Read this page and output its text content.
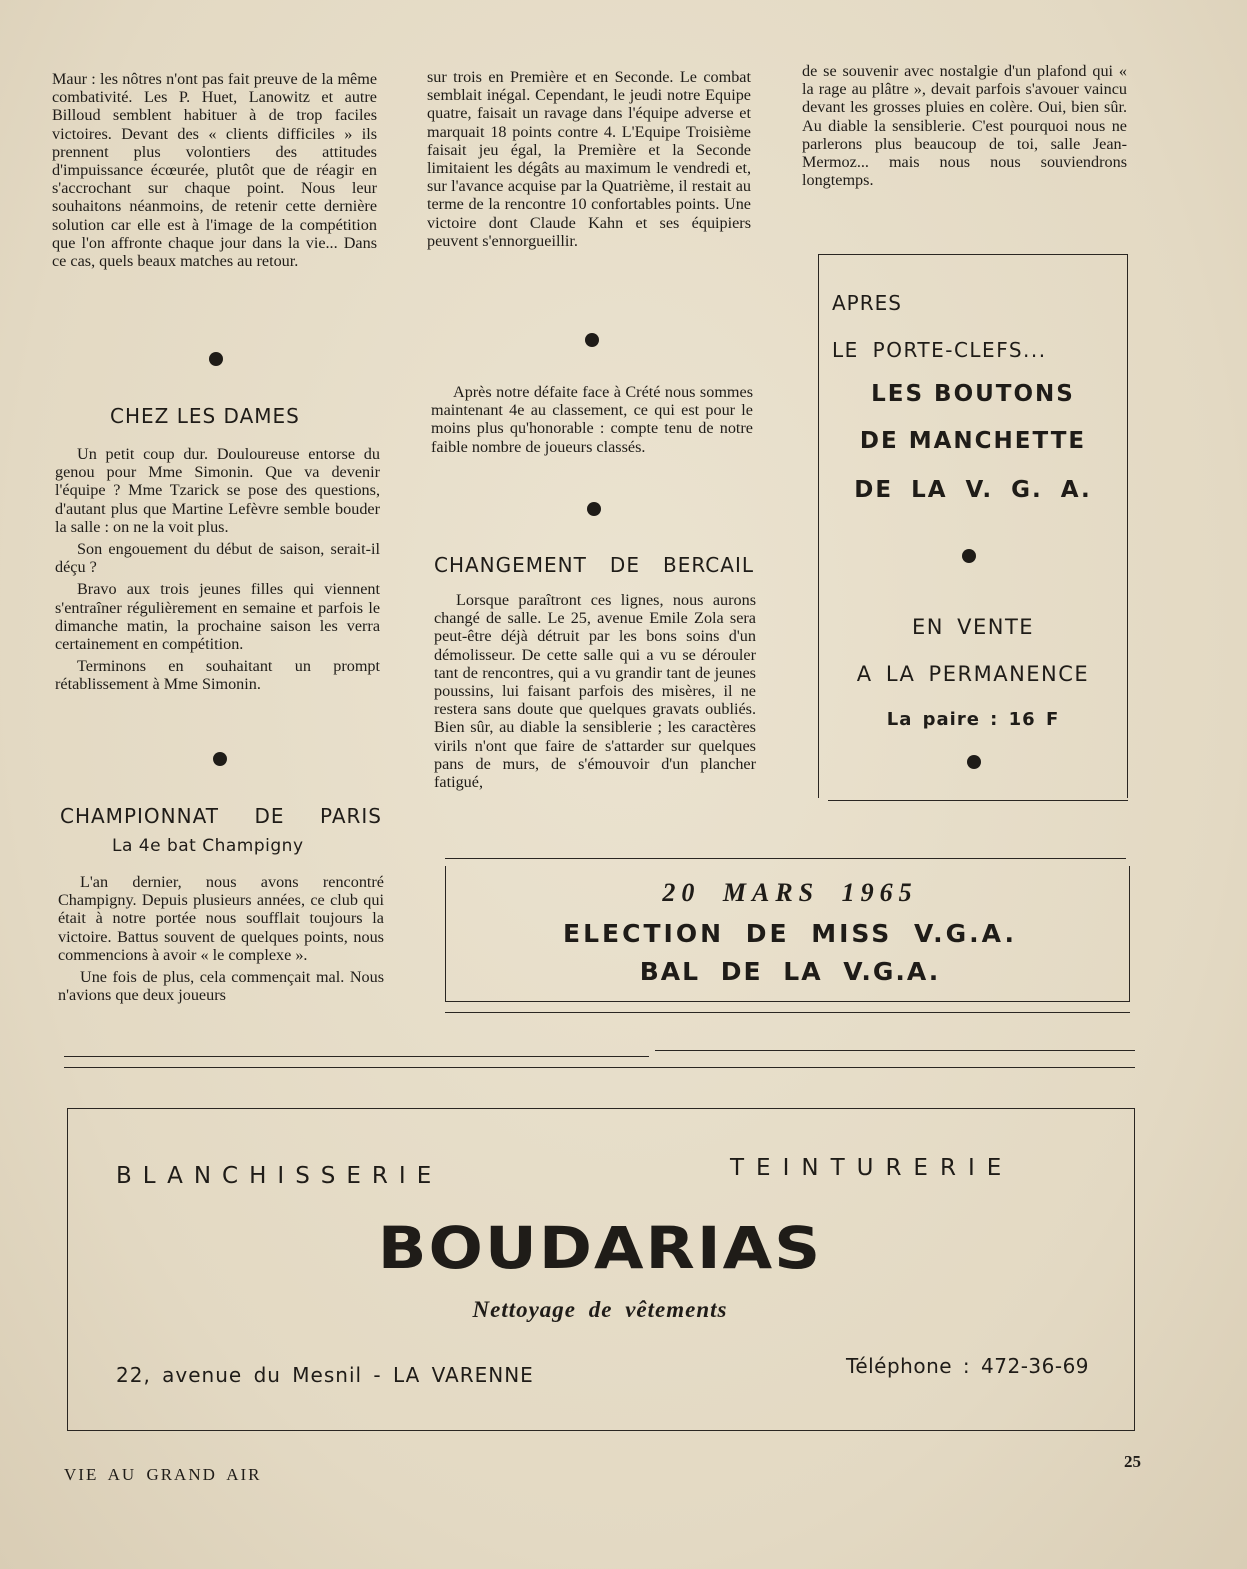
Maur : les nôtres n'ont pas fait preuve de la même combativité. Les P. Huet, Lanowitz et autre Billoud semblent habituer à de trop faciles victoires. Devant des « clients difficiles » ils prennent plus volontiers des attitudes d'impuissance écœurée, plutôt que de réagir en s'accrochant sur chaque point. Nous leur souhaitons néanmoins, de retenir cette dernière solution car elle est à l'image de la compétition que l'on affronte chaque jour dans la vie... Dans ce cas, quels beaux matches au retour.

CHEZ LES DAMES

Un petit coup dur. Douloureuse entorse du genou pour Mme Simonin. Que va devenir l'équipe ? Mme Tzarick se pose des questions, d'autant plus que Martine Lefèvre semble bouder la salle : on ne la voit plus.

Son engouement du début de saison, serait-il déçu ?

Bravo aux trois jeunes filles qui viennent s'entraîner régulièrement en semaine et parfois le dimanche matin, la prochaine saison les verra certainement en compétition.

Terminons en souhaitant un prompt rétablissement à Mme Simonin.

CHAMPIONNAT DE PARIS
La 4e bat Champigny

L'an dernier, nous avons rencontré Champigny. Depuis plusieurs années, ce club qui était à notre portée nous soufflait toujours la victoire. Battus souvent de quelques points, nous commencions à avoir « le complexe ».

Une fois de plus, cela commençait mal. Nous n'avions que deux joueurs

sur trois en Première et en Seconde. Le combat semblait inégal. Cependant, le jeudi notre Equipe quatre, faisait un ravage dans l'équipe adverse et marquait 18 points contre 4. L'Equipe Troisième faisait jeu égal, la Première et la Seconde limitaient les dégâts au maximum le vendredi et, sur l'avance acquise par la Quatrième, il restait au terme de la rencontre 10 confortables points. Une victoire dont Claude Kahn et ses équipiers peuvent s'ennorgueillir.

Après notre défaite face à Crété nous sommes maintenant 4e au classement, ce qui est pour le moins plus qu'honorable : compte tenu de notre faible nombre de joueurs classés.

CHANGEMENT DE BERCAIL

Lorsque paraîtront ces lignes, nous aurons changé de salle. Le 25, avenue Emile Zola sera peut-être déjà détruit par les bons soins d'un démolisseur. De cette salle qui a vu se dérouler tant de rencontres, qui a vu grandir tant de jeunes poussins, lui faisant parfois des misères, il ne restera sans doute que quelques gravats oubliés. Bien sûr, au diable la sensiblerie ; les caractères virils n'ont que faire de s'attarder sur quelques pans de murs, de s'émouvoir d'un plancher fatigué,

de se souvenir avec nostalgie d'un plafond qui « la rage au plâtre », devait parfois s'avouer vaincu devant les grosses pluies en colère. Oui, bien sûr. Au diable la sensiblerie. C'est pourquoi nous ne parlerons plus beaucoup de toi, salle Jean-Mermoz... mais nous nous souviendrons longtemps.

APRES
LE PORTE-CLEFS...
LES BOUTONS
DE MANCHETTE
DE LA V. G. A.
EN VENTE
A LA PERMANENCE
La paire : 16 F
20 MARS 1965
ELECTION DE MISS V.G.A.
BAL DE LA V.G.A.
BLANCHISSERIE	TEINTURERIE
BOUDARIAS
Nettoyage de vêtements
22, avenue du Mesnil - LA VARENNE	Téléphone : 472-36-69
VIE AU GRAND AIR
25
